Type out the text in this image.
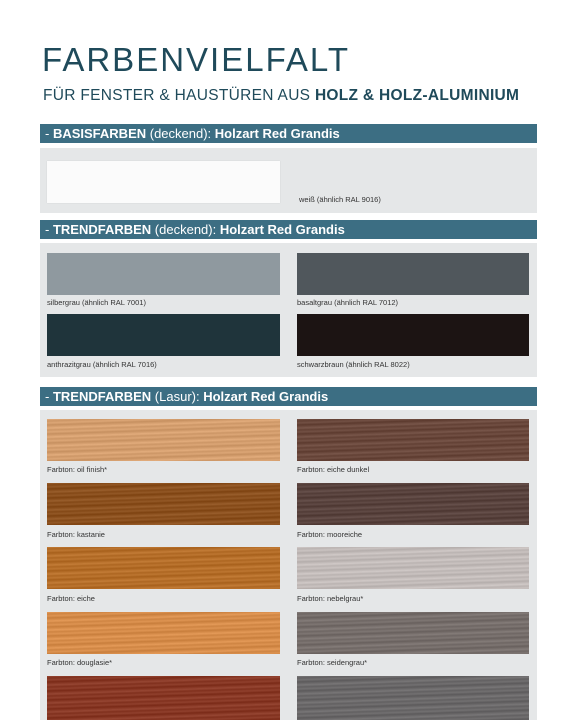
FARBENVIELFALT
FÜR FENSTER & HAUSTÜREN AUS HOLZ & HOLZ-ALUMINIUM
- BASISFARBEN (deckend): Holzart Red Grandis
weiß (ähnlich RAL 9016)
- TRENDFARBEN (deckend): Holzart Red Grandis
silbergrau (ähnlich RAL 7001)	basaltgrau (ähnlich RAL 7012)
anthrazitgrau (ähnlich RAL 7016)	schwarzbraun (ähnlich RAL 8022)
- TRENDFARBEN (Lasur): Holzart Red Grandis
Farbton: oil finish*	Farbton: eiche dunkel
Farbton: kastanie	Farbton: mooreiche
Farbton: eiche	Farbton: nebelgrau*
Farbton: douglasie*	Farbton: seidengrau*
